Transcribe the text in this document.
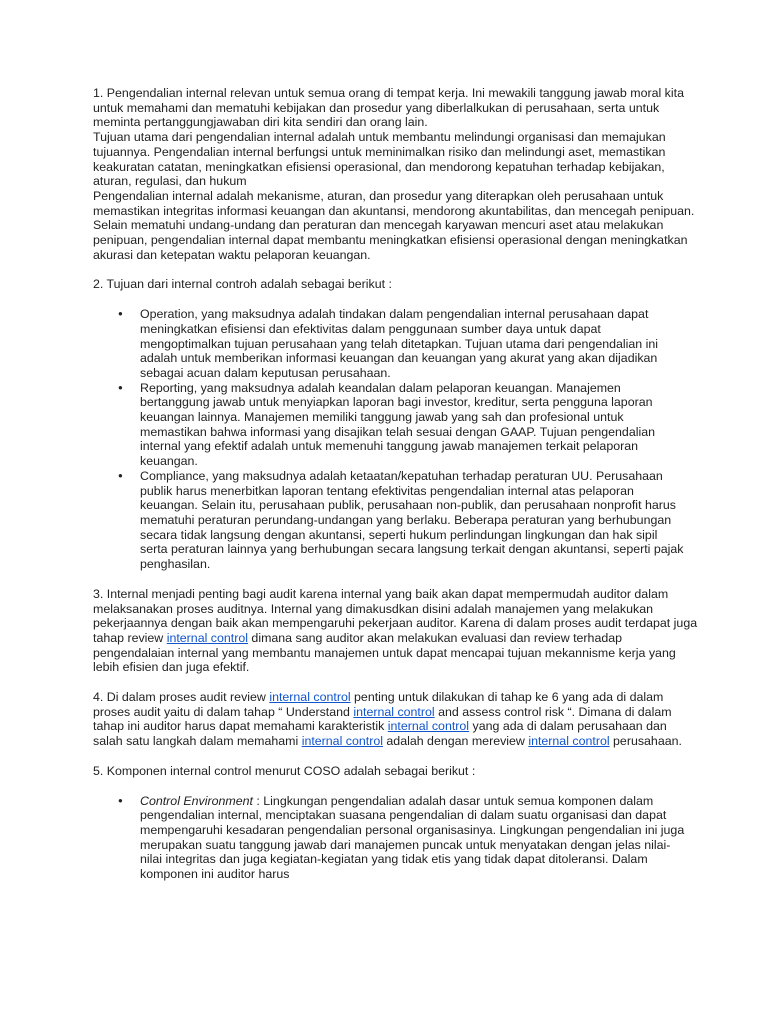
1. Pengendalian internal relevan untuk semua orang di tempat kerja. Ini mewakili tanggung jawab moral kita untuk memahami dan mematuhi kebijakan dan prosedur yang diberlalkukan di perusahaan, serta untuk meminta pertanggungjawaban diri kita sendiri dan orang lain.

Tujuan utama dari pengendalian internal adalah untuk membantu melindungi organisasi dan memajukan tujuannya. Pengendalian internal berfungsi untuk meminimalkan risiko dan melindungi aset, memastikan keakuratan catatan, meningkatkan efisiensi operasional, dan mendorong kepatuhan terhadap kebijakan, aturan, regulasi, dan hukum

Pengendalian internal adalah mekanisme, aturan, dan prosedur yang diterapkan oleh perusahaan untuk memastikan integritas informasi keuangan dan akuntansi, mendorong akuntabilitas, dan mencegah penipuan. Selain mematuhi undang-undang dan peraturan dan mencegah karyawan mencuri aset atau melakukan penipuan, pengendalian internal dapat membantu meningkatkan efisiensi operasional dengan meningkatkan akurasi dan ketepatan waktu pelaporan keuangan.

2. Tujuan dari internal controh adalah sebagai berikut :

● Operation, yang maksudnya adalah tindakan dalam pengendalian internal perusahaan dapat meningkatkan efisiensi dan efektivitas dalam penggunaan sumber daya untuk dapat mengoptimalkan tujuan perusahaan yang telah ditetapkan. Tujuan utama dari pengendalian ini adalah untuk memberikan informasi keuangan dan keuangan yang akurat yang akan dijadikan sebagai acuan dalam keputusan perusahaan.
● Reporting, yang maksudnya adalah keandalan dalam pelaporan keuangan. Manajemen bertanggung jawab untuk menyiapkan laporan bagi investor, kreditur, serta pengguna laporan keuangan lainnya. Manajemen memiliki tanggung jawab yang sah dan profesional untuk memastikan bahwa informasi yang disajikan telah sesuai dengan GAAP. Tujuan pengendalian internal yang efektif adalah untuk memenuhi tanggung jawab manajemen terkait pelaporan keuangan.
● Compliance, yang maksudnya adalah ketaatan/kepatuhan terhadap peraturan UU. Perusahaan publik harus menerbitkan laporan tentang efektivitas pengendalian internal atas pelaporan keuangan. Selain itu, perusahaan publik, perusahaan non-publik, dan perusahaan nonprofit harus mematuhi peraturan perundang-undangan yang berlaku. Beberapa peraturan yang berhubungan secara tidak langsung dengan akuntansi, seperti hukum perlindungan lingkungan dan hak sipil serta peraturan lainnya yang berhubungan secara langsung terkait dengan akuntansi, seperti pajak penghasilan.

3. Internal menjadi penting bagi audit karena internal yang baik akan dapat mempermudah auditor dalam melaksanakan proses auditnya. Internal yang dimakusdkan disini adalah manajemen yang melakukan pekerjaannya dengan baik akan mempengaruhi pekerjaan auditor. Karena di dalam proses audit terdapat juga tahap review internal control dimana sang auditor akan melakukan evaluasi dan review terhadap pengendalaian internal yang membantu manajemen untuk dapat mencapai tujuan mekannisme kerja yang lebih efisien dan juga efektif.

4. Di dalam proses audit review internal control penting untuk dilakukan di tahap ke 6 yang ada di dalam proses audit yaitu di dalam tahap “ Understand internal control and assess control risk “. Dimana di dalam tahap ini auditor harus dapat memahami karakteristik internal control yang ada di dalam perusahaan dan salah satu langkah dalam memahami internal control adalah dengan mereview internal control perusahaan.

5. Komponen internal control menurut COSO adalah sebagai berikut :

● Control Environment : Lingkungan pengendalian adalah dasar untuk semua komponen dalam pengendalian internal, menciptakan suasana pengendalian di dalam suatu organisasi dan dapat mempengaruhi kesadaran pengendalian personal organisasinya. Lingkungan pengendalian ini juga merupakan suatu tanggung jawab dari manajemen puncak untuk menyatakan dengan jelas nilai-nilai integritas dan juga kegiatan-kegiatan yang tidak etis yang tidak dapat ditoleransi. Dalam komponen ini auditor harus
